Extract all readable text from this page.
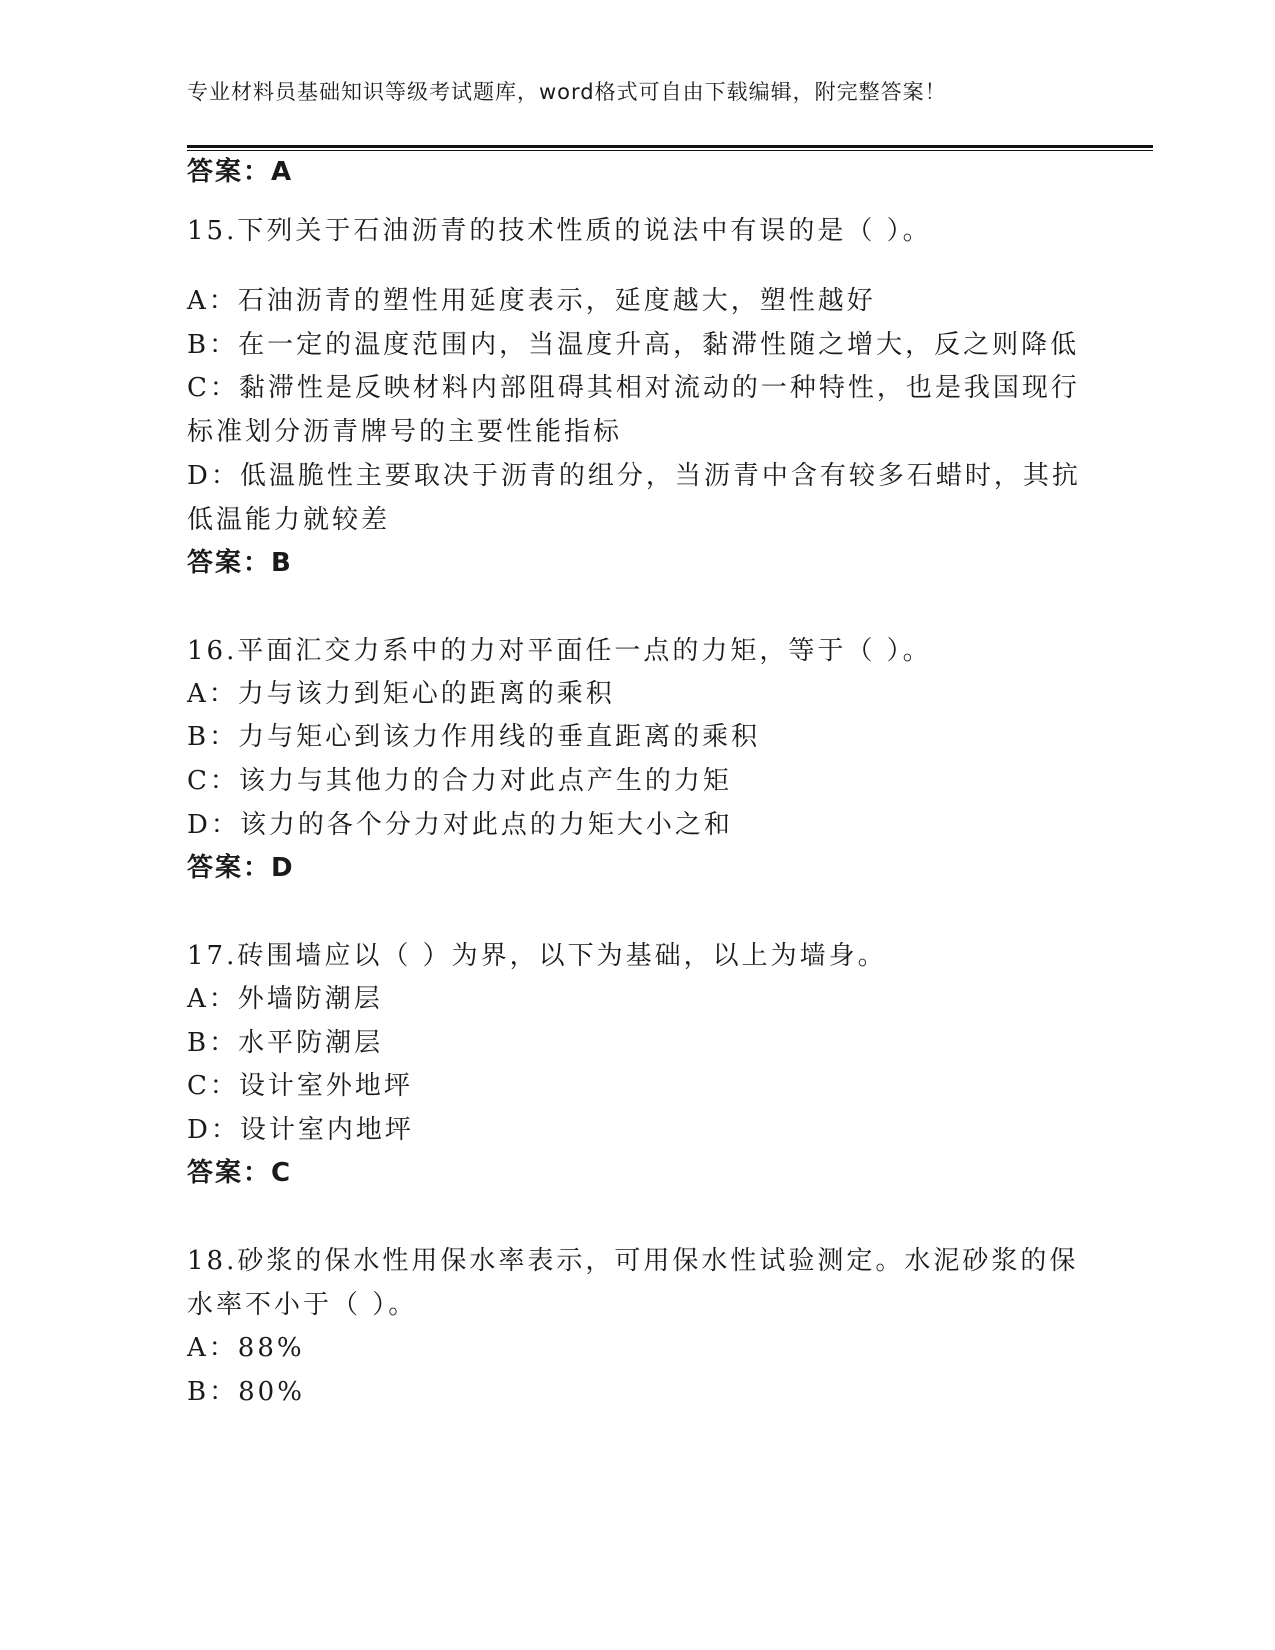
专业材料员基础知识等级考试题库，word格式可自由下载编辑，附完整答案！
答案：A
15.下列关于石油沥青的技术性质的说法中有误的是（ ）。
A：石油沥青的塑性用延度表示，延度越大，塑性越好
B：在一定的温度范围内，当温度升高，黏滞性随之增大，反之则降低
C：黏滞性是反映材料内部阻碍其相对流动的一种特性，也是我国现行
标准划分沥青牌号的主要性能指标
D：低温脆性主要取决于沥青的组分，当沥青中含有较多石蜡时，其抗
低温能力就较差
答案：B
16.平面汇交力系中的力对平面任一点的力矩，等于（ ）。
A：力与该力到矩心的距离的乘积
B：力与矩心到该力作用线的垂直距离的乘积
C：该力与其他力的合力对此点产生的力矩
D：该力的各个分力对此点的力矩大小之和
答案：D
17.砖围墙应以（ ）为界，以下为基础，以上为墙身。
A：外墙防潮层
B：水平防潮层
C：设计室外地坪
D：设计室内地坪
答案：C
18.砂浆的保水性用保水率表示，可用保水性试验测定。水泥砂浆的保
水率不小于（ ）。
A：88%
B：80%
